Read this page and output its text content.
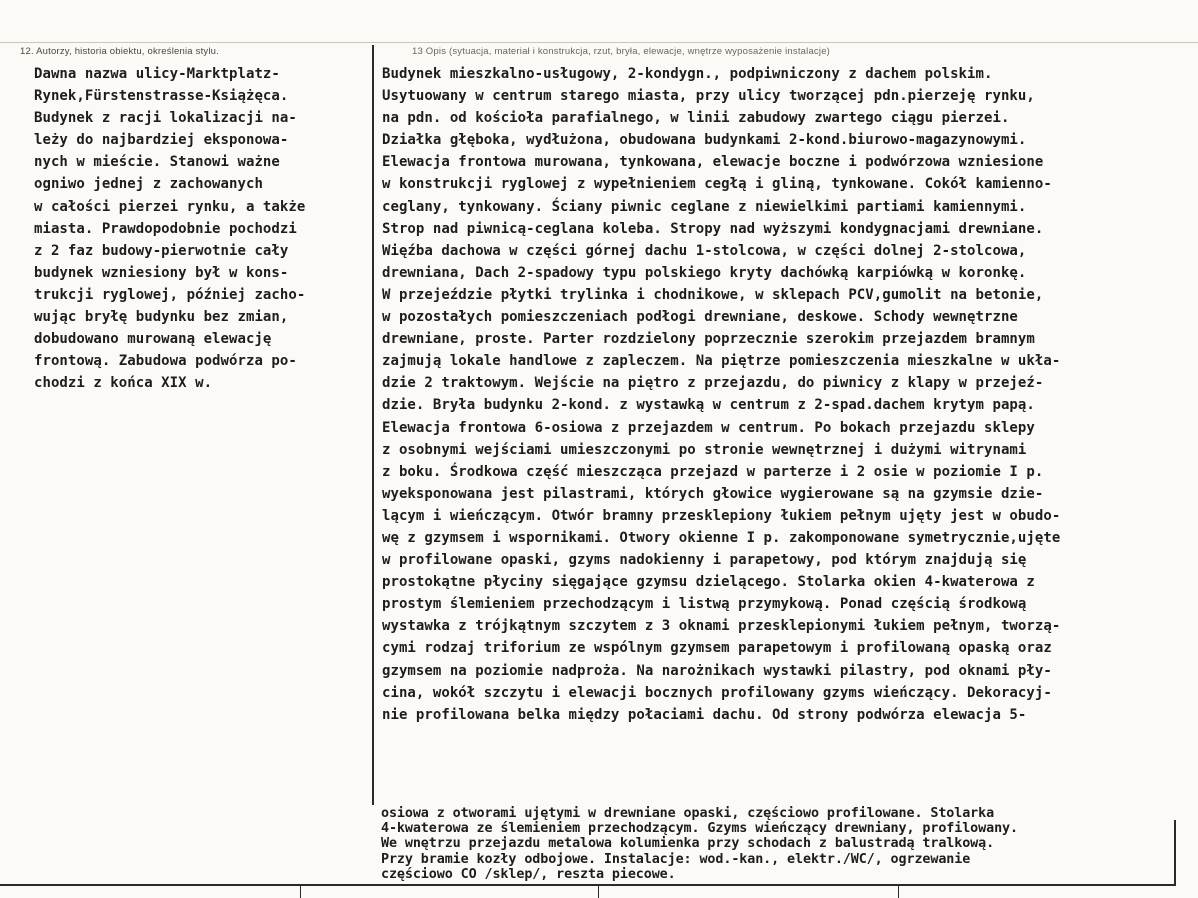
12. Autorzy, historia obiektu, określenia stylu.	13 Opis (sytuacja, materiał i konstrukcja, rzut, bryła, elewacje, wnętrze wyposażenie instalacje)
Dawna nazwa ulicy-Marktplatz-
Rynek,Fürstenstrasse-Książęca.
Budynek z racji lokalizacji na-
leży do najbardziej eksponowa-
nych w mieście. Stanowi ważne
ogniwo jednej z zachowanych
w całości pierzei rynku, a także
miasta. Prawdopodobnie pochodzi
z 2 faz budowy-pierwotnie cały
budynek wzniesiony był w kons-
trukcji ryglowej, później zacho-
wując bryłę budynku bez zmian,
dobudowano murowaną elewację
frontową. Zabudowa podwórza po-
chodzi z końca XIX w.
Budynek mieszkalno-usługowy, 2-kondygn., podpiwniczony z dachem polskim.
Usytuowany w centrum starego miasta, przy ulicy tworzącej pdn.pierzeję rynku,
na pdn. od kościoła parafialnego, w linii zabudowy zwartego ciągu pierzei.
Działka głęboka, wydłużona, obudowana budynkami 2-kond.biurowo-magazynowymi.
Elewacja frontowa murowana, tynkowana, elewacje boczne i podwórzowa wzniesione
w konstrukcji ryglowej z wypełnieniem cegłą i gliną, tynkowane. Cokół kamienno-
ceglany, tynkowany. Ściany piwnic ceglane z niewielkimi partiami kamiennymi.
Strop nad piwnicą-ceglana koleba. Stropy nad wyższymi kondygnacjami drewniane.
Więźba dachowa w części górnej dachu 1-stolcowa, w części dolnej 2-stolcowa,
drewniana, Dach 2-spadowy typu polskiego kryty dachówką karpiówką w koronkę.
W przejeździe płytki trylinka i chodnikowe, w sklepach PCV,gumolit na betonie,
w pozostałych pomieszczeniach podłogi drewniane, deskowe. Schody wewnętrzne
drewniane, proste. Parter rozdzielony poprzecznie szerokim przejazdem bramnym
zajmują lokale handlowe z zapleczem. Na piętrze pomieszczenia mieszkalne w ukła-
dzie 2 traktowym. Wejście na piętro z przejazdu, do piwnicy z klapy w przejeź-
dzie. Bryła budynku 2-kond. z wystawką w centrum z 2-spad.dachem krytym papą.
Elewacja frontowa 6-osiowa z przejazdem w centrum. Po bokach przejazdu sklepy
z osobnymi wejściami umieszczonymi po stronie wewnętrznej i dużymi witrynami
z boku. Środkowa część mieszcząca przejazd w parterze i 2 osie w poziomie I p.
wyeksponowana jest pilastrami, których głowice wygierowane są na gzymsie dzie-
lącym i wieńczącym. Otwór bramny przesklepiony łukiem pełnym ujęty jest w obudo-
wę z gzymsem i wspornikami. Otwory okienne I p. zakomponowane symetrycznie,ujęte
w profilowane opaski, gzyms nadokienny i parapetowy, pod którym znajdują się
prostokątne płyciny sięgające gzymsu dzielącego. Stolarka okien 4-kwaterowa z
prostym ślemieniem przechodzącym i listwą przymykową. Ponad częścią środkową
wystawka z trójkątnym szczytem z 3 oknami przesklepionymi łukiem pełnym, tworzą-
cymi rodzaj triforium ze wspólnym gzymsem parapetowym i profilowaną opaską oraz
gzymsem na poziomie nadproża. Na narożnikach wystawki pilastry, pod oknami pły-
cina, wokół szczytu i elewacji bocznych profilowany gzyms wieńczący. Dekoracyj-
nie profilowana belka między połaciami dachu. Od strony podwórza elewacja 5-
osiowa z otworami ujętymi w drewniane opaski, częściowo profilowane. Stolarka
4-kwaterowa ze ślemieniem przechodzącym. Gzyms wieńczący drewniany, profilowany.
We wnętrzu przejazdu metalowa kolumienka przy schodach z balustradą tralkową.
Przy bramie kozły odbojowe. Instalacje: wod.-kan., elektr./WC/, ogrzewanie
częściowo CO /sklep/, reszta piecowe.
